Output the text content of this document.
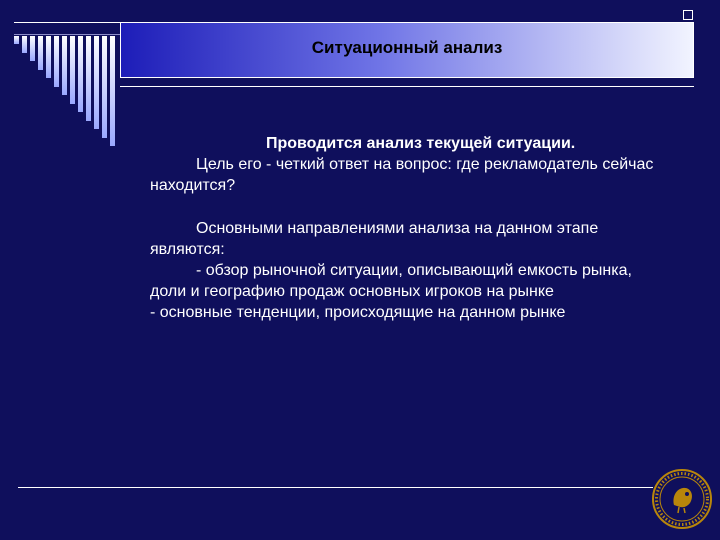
Ситуационный анализ

Проводится анализ текущей ситуации.

Цель его - четкий ответ на вопрос: где рекламодатель сейчас находится?

Основными направлениями анализа на данном этапе являются:

- обзор рыночной ситуации, описывающий емкость рынка, доли и географию продаж основных игроков на рынке

- основные тенденции, происходящие на данном рынке
